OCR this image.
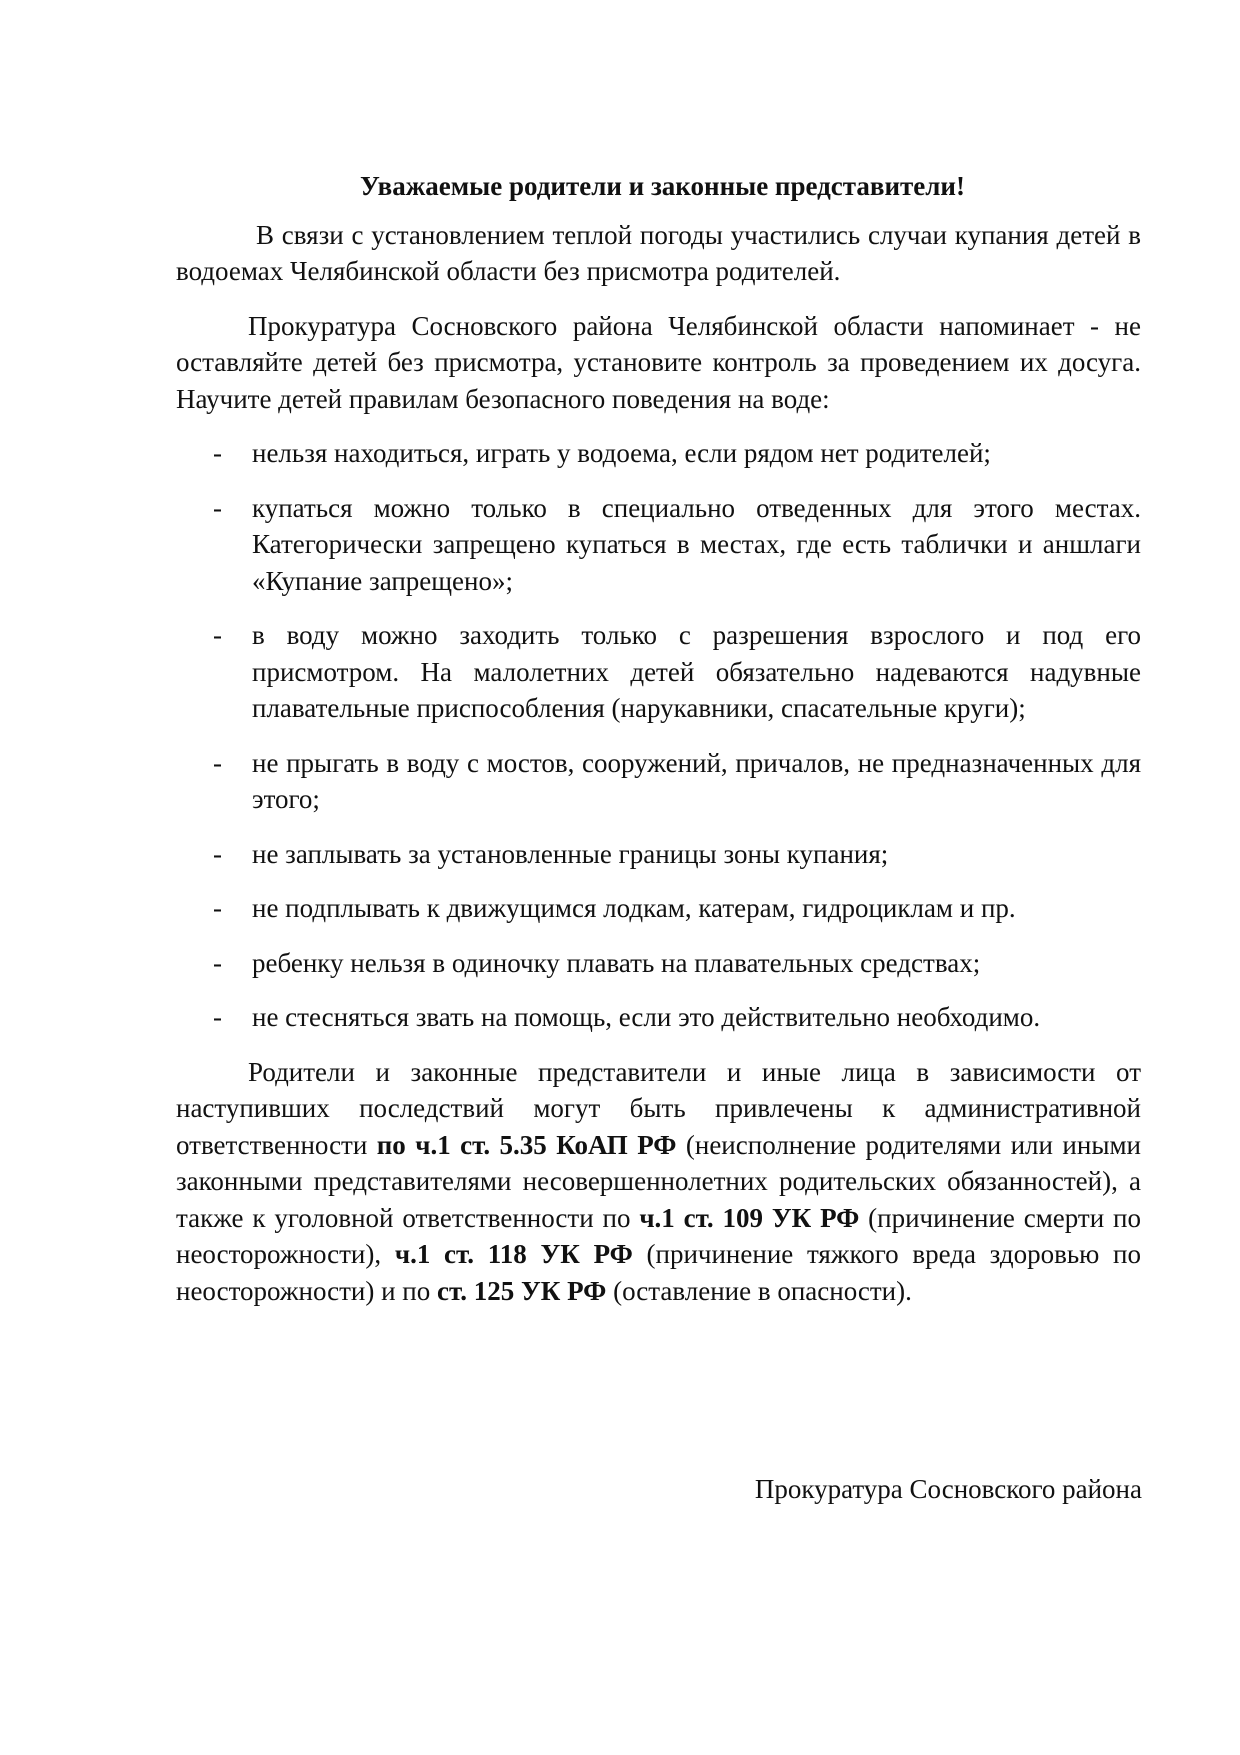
Уважаемые родители и законные представители!

В связи с установлением теплой погоды участились случаи купания детей в водоемах Челябинской области без присмотра родителей.

Прокуратура Сосновского района Челябинской области напоминает - не оставляйте детей без присмотра, установите контроль за проведением их досуга. Научите детей правилам безопасного поведения на воде:

- нельзя находиться, играть у водоема, если рядом нет родителей;
- купаться можно только в специально отведенных для этого местах. Категорически запрещено купаться в местах, где есть таблички и аншлаги «Купание запрещено»;
- в воду можно заходить только с разрешения взрослого и под его присмотром. На малолетних детей обязательно надеваются надувные плавательные приспособления (нарукавники, спасательные круги);
- не прыгать в воду с мостов, сооружений, причалов, не предназначенных для этого;
- не заплывать за установленные границы зоны купания;
- не подплывать к движущимся лодкам, катерам, гидроциклам и пр.
- ребенку нельзя в одиночку плавать на плавательных средствах;
- не стесняться звать на помощь, если это действительно необходимо.

Родители и законные представители и иные лица в зависимости от наступивших последствий могут быть привлечены к административной ответственности по ч.1 ст. 5.35 КоАП РФ (неисполнение родителями или иными законными представителями несовершеннолетних родительских обязанностей), а также к уголовной ответственности по ч.1 ст. 109 УК РФ (причинение смерти по неосторожности), ч.1 ст. 118 УК РФ (причинение тяжкого вреда здоровью по неосторожности) и по ст. 125 УК РФ (оставление в опасности).

Прокуратура Сосновского района
